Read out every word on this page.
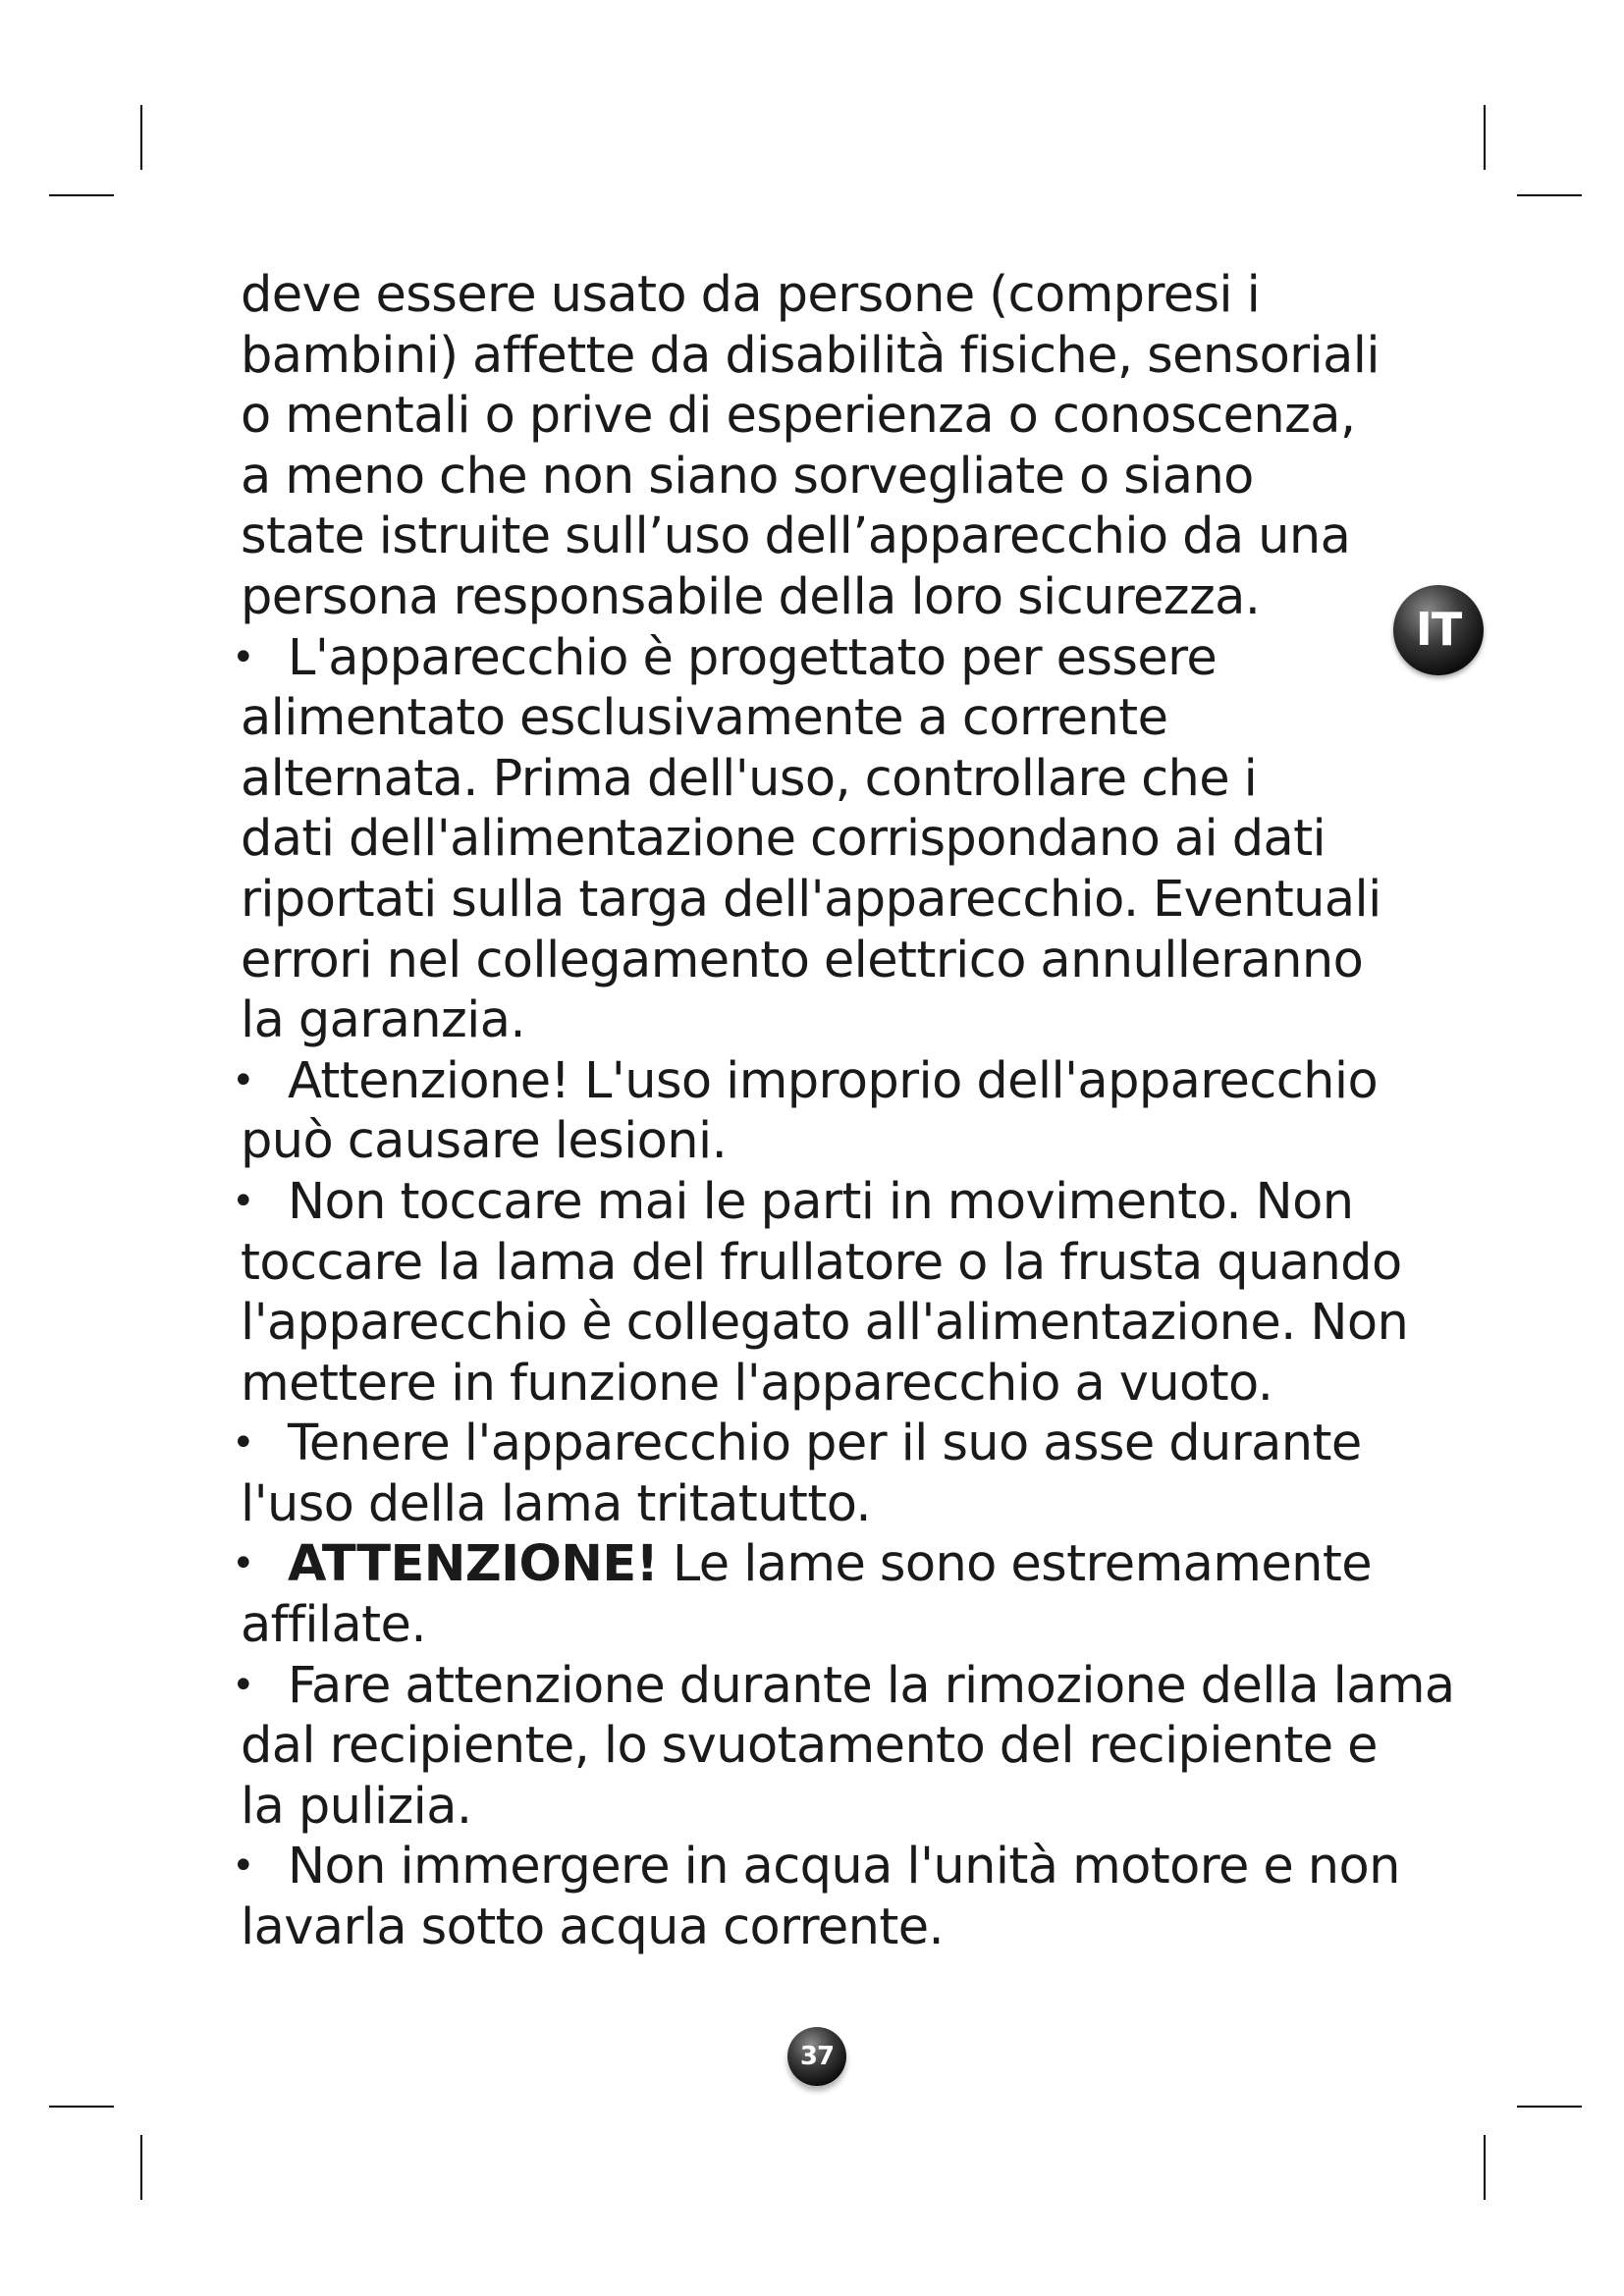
IT
deve essere usato da persone (compresi i
bambini) affette da disabilità fisiche, sensoriali
o mentali o prive di esperienza o conoscenza,
a meno che non siano sorvegliate o siano
state istruite sull’uso dell’apparecchio da una
persona responsabile della loro sicurezza.
• L'apparecchio è progettato per essere
alimentato esclusivamente a corrente
alternata. Prima dell'uso, controllare che i
dati dell'alimentazione corrispondano ai dati
riportati sulla targa dell'apparecchio. Eventuali
errori nel collegamento elettrico annulleranno
la garanzia.
• Attenzione! L'uso improprio dell'apparecchio
può causare lesioni.
• Non toccare mai le parti in movimento. Non
toccare la lama del frullatore o la frusta quando
l'apparecchio è collegato all'alimentazione. Non
mettere in funzione l'apparecchio a vuoto.
• Tenere l'apparecchio per il suo asse durante
l'uso della lama tritatutto.
• ATTENZIONE! Le lame sono estremamente
affilate.
• Fare attenzione durante la rimozione della lama
dal recipiente, lo svuotamento del recipiente e
la pulizia.
• Non immergere in acqua l'unità motore e non
lavarla sotto acqua corrente.
37
